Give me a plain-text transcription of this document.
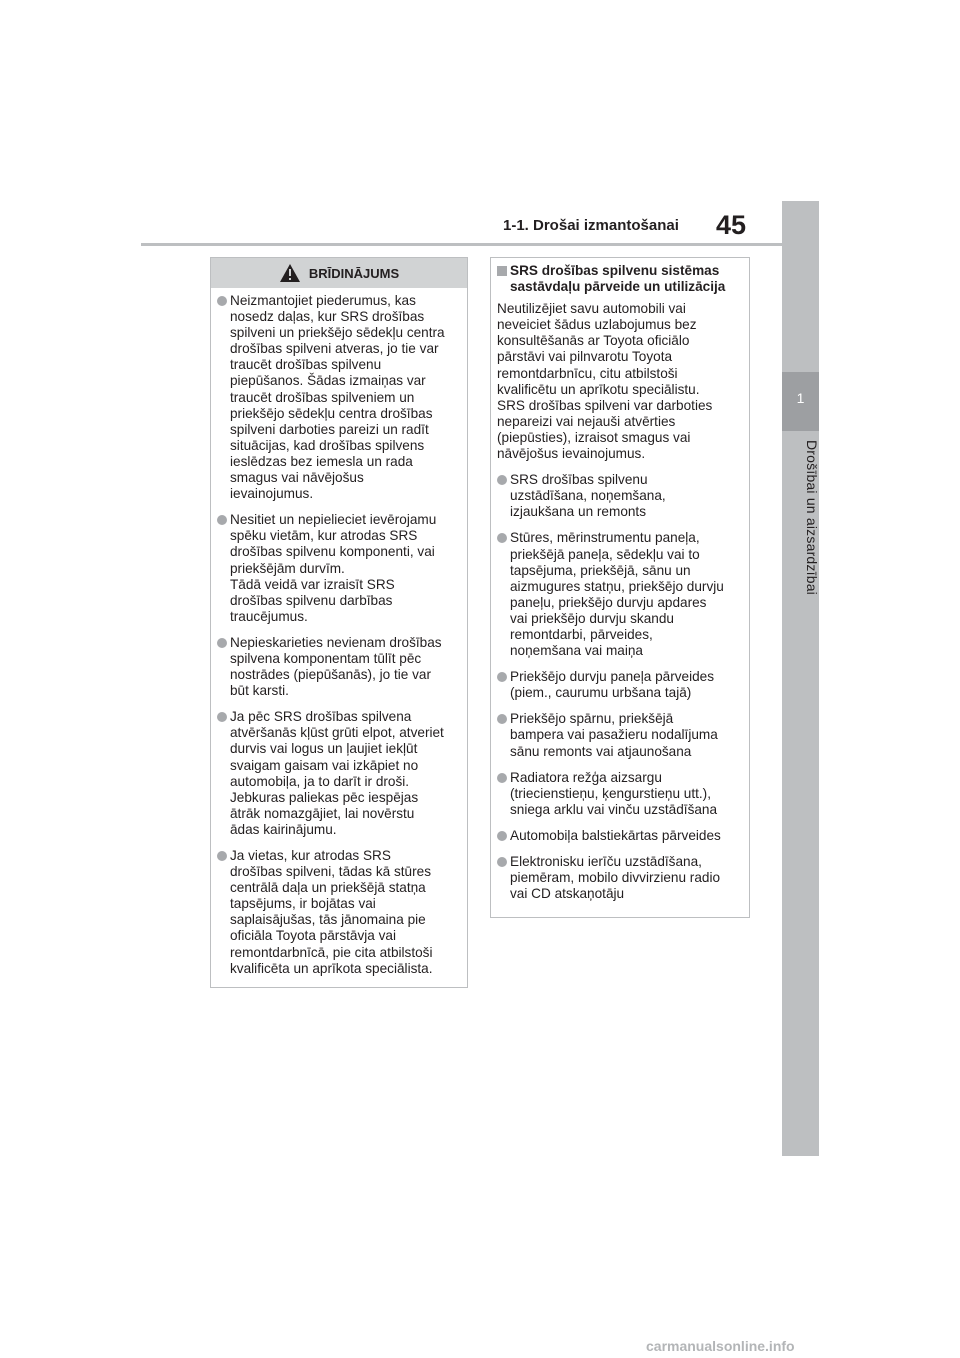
1-1. Drošai izmantošanai 45
1
Drošībai un aizsardzībai
BRĪDINĀJUMS
Neizmantojiet piederumus, kas
nosedz daļas, kur SRS drošības
spilveni un priekšējo sēdekļu centra
drošības spilveni atveras, jo tie var
traucēt drošības spilvenu
piepūšanos. Šādas izmaiņas var
traucēt drošības spilveniem un
priekšējo sēdekļu centra drošības
spilveni darboties pareizi un radīt
situācijas, kad drošības spilvens
ieslēdzas bez iemesla un rada
smagus vai nāvējošus
ievainojumus.
Nesitiet un nepielieciet ievērojamu
spēku vietām, kur atrodas SRS
drošības spilvenu komponenti, vai
priekšējām durvīm.
Tādā veidā var izraisīt SRS
drošības spilvenu darbības
traucējumus.
Nepieskarieties nevienam drošības
spilvena komponentam tūlīt pēc
nostrādes (piepūšanās), jo tie var
būt karsti.
Ja pēc SRS drošības spilvena
atvēršanās kļūst grūti elpot, atveriet
durvis vai logus un ļaujiet iekļūt
svaigam gaisam vai izkāpiet no
automobiļa, ja to darīt ir droši.
Jebkuras paliekas pēc iespējas
ātrāk nomazgājiet, lai novērstu
ādas kairinājumu.
Ja vietas, kur atrodas SRS
drošības spilveni, tādas kā stūres
centrālā daļa un priekšējā statņa
tapsējums, ir bojātas vai
saplaisājušas, tās jānomaina pie
oficiāla Toyota pārstāvja vai
remontdarbnīcā, pie cita atbilstoši
kvalificēta un aprīkota speciālista.
SRS drošības spilvenu sistēmas
sastāvdaļu pārveide un utilizācija
Neutilizējiet savu automobili vai
neveiciet šādus uzlabojumus bez
konsultēšanās ar Toyota oficiālo
pārstāvi vai pilnvarotu Toyota
remontdarbnīcu, citu atbilstoši
kvalificētu un aprīkotu speciālistu.
SRS drošības spilveni var darboties
nepareizi vai nejauši atvērties
(piepūsties), izraisot smagus vai
nāvējošus ievainojumus.
SRS drošības spilvenu
uzstādīšana, noņemšana,
izjaukšana un remonts
Stūres, mērinstrumentu paneļa,
priekšējā paneļa, sēdekļu vai to
tapsējuma, priekšējā, sānu un
aizmugures statņu, priekšējo durvju
paneļu, priekšējo durvju apdares
vai priekšējo durvju skandu
remontdarbi, pārveides,
noņemšana vai maiņa
Priekšējo durvju paneļa pārveides
(piem., caurumu urbšana tajā)
Priekšējo spārnu, priekšējā
bampera vai pasažieru nodalījuma
sānu remonts vai atjaunošana
Radiatora režģa aizsargu
(triecienstieņu, ķengurstieņu utt.),
sniega arklu vai vinču uzstādīšana
Automobiļa balstiekārtas pārveides
Elektronisku ierīču uzstādīšana,
piemēram, mobilo divvirzienu radio
vai CD atskaņotāju
carmanualsonline.info
